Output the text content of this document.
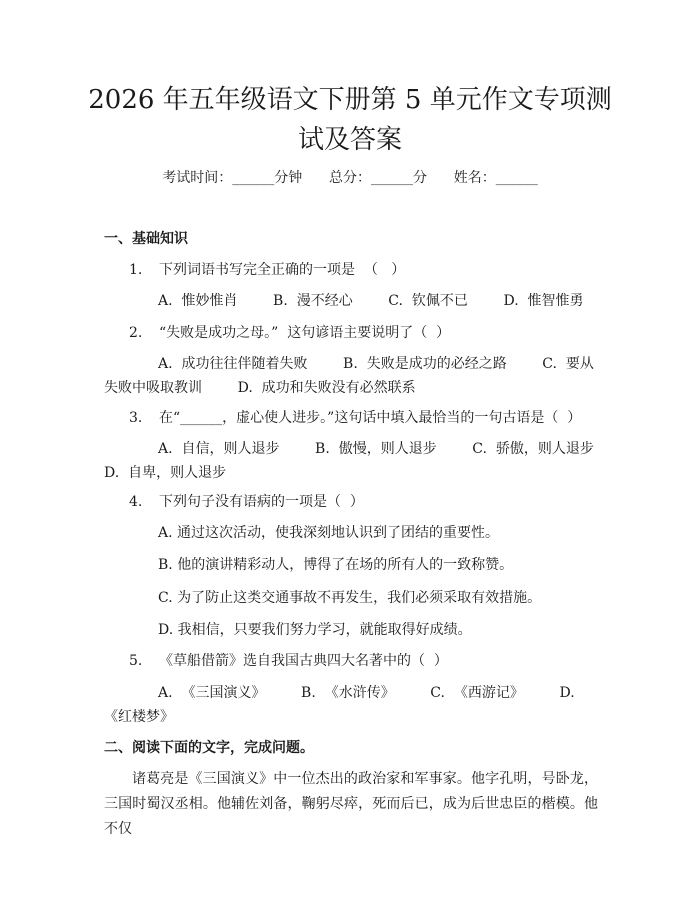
2026 年五年级语文下册第 5 单元作文专项测
试及答案
考试时间：______分钟      总分：______分      姓名：______
一、基础知识
1. 下列词语书写完全正确的一项是  （   ）
A.  惟妙惟肖        B.  漫不经心        C.  钦佩不已        D.  惟智惟勇
2. “失败是成功之母。”  这句谚语主要说明了（  ）
A.  成功往往伴随着失败        B.  失败是成功的必经之路        C.  要从失败中吸取教训        D.  成功和失败没有必然联系
3. 在“______，虚心使人进步。”这句话中填入最恰当的一句古语是（  ）
A.  自信，则人退步        B.  傲慢，则人退步        C.  骄傲，则人退步        D.  自卑，则人退步
4. 下列句子没有语病的一项是（  ）
A. 通过这次活动，使我深刻地认识到了团结的重要性。
B. 他的演讲精彩动人，博得了在场的所有人的一致称赞。
C. 为了防止这类交通事故不再发生，我们必须采取有效措施。
D. 我相信，只要我们努力学习，就能取得好成绩。
5. 《草船借箭》选自我国古典四大名著中的（  ）
A.  《三国演义》        B.  《水浒传》        C.  《西游记》        D.  《红楼梦》
二、阅读下面的文字，完成问题。
诸葛亮是《三国演义》中一位杰出的政治家和军事家。他字孔明，号卧龙，三国时蜀汉丞相。他辅佐刘备，鞠躬尽瘁，死而后已，成为后世忠臣的楷模。他不仅
